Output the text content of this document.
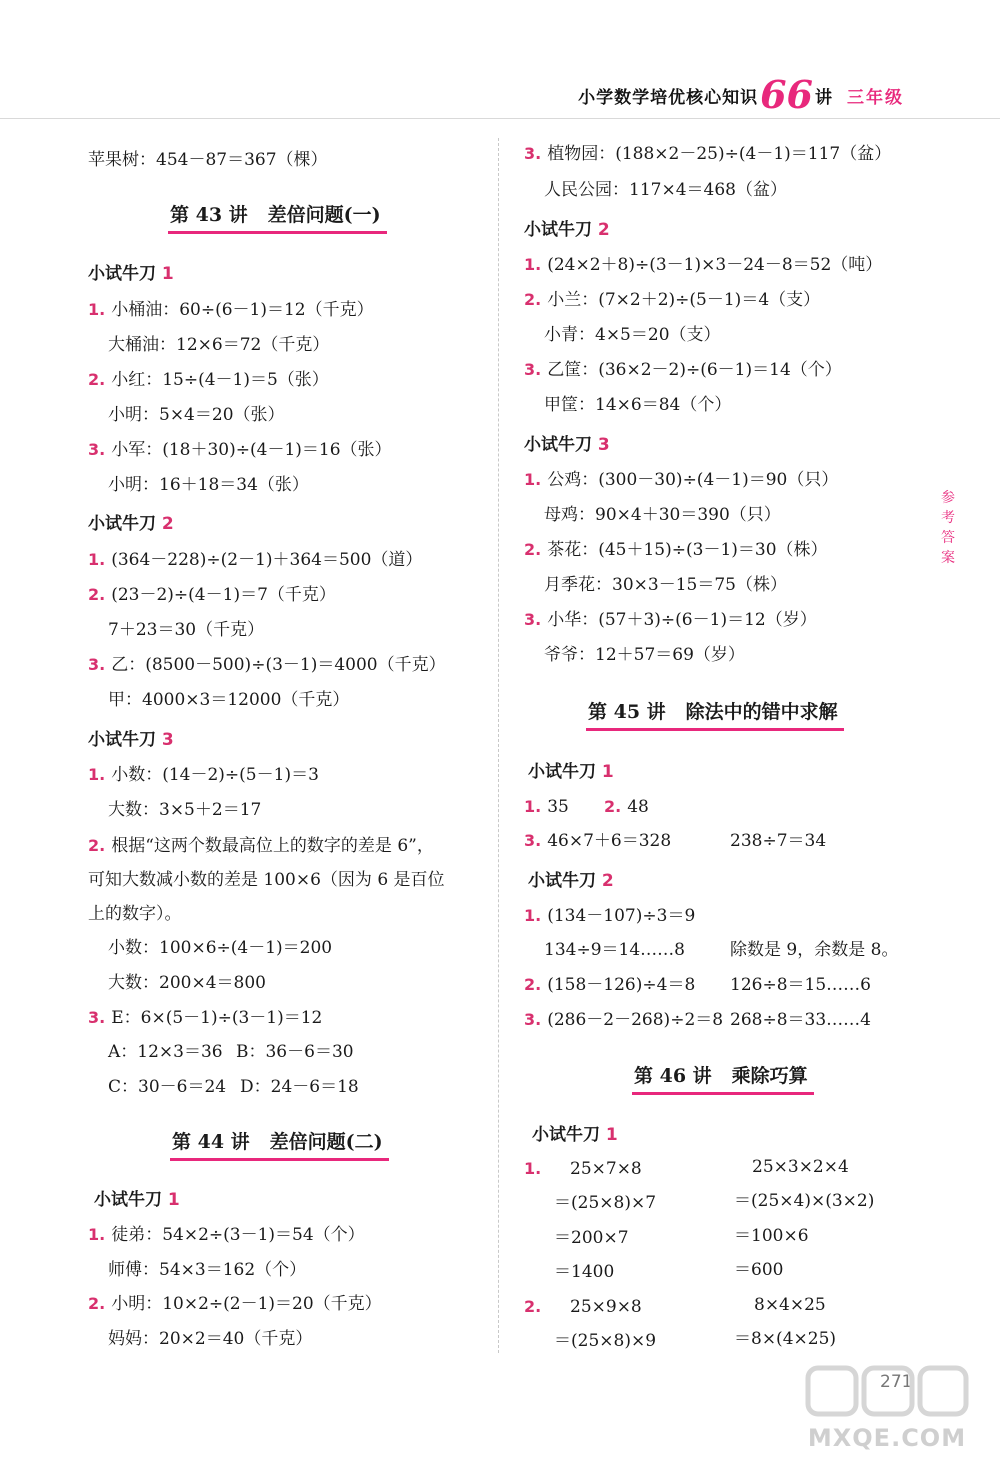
小学数学培优核心知识 66 讲 三年级
苹果树：454－87＝367（棵）
第 43 讲 差倍问题(一)
小试牛刀 1
1. 小桶油：60÷(6－1)＝12（千克）
大桶油：12×6＝72（千克）
2. 小红：15÷(4－1)＝5（张）
小明：5×4＝20（张）
3. 小军：(18＋30)÷(4－1)＝16（张）
小明：16＋18＝34（张）
小试牛刀 2
1. (364－228)÷(2－1)＋364＝500（道）
2. (23－2)÷(4－1)＝7（千克）
7＋23＝30（千克）
3. 乙：(8500－500)÷(3－1)＝4000（千克）
甲：4000×3＝12000（千克）
小试牛刀 3
1. 小数：(14－2)÷(5－1)＝3
大数：3×5＋2＝17
2. 根据“这两个数最高位上的数字的差是 6”，
可知大数减小数的差是 100×6（因为 6 是百位
上的数字）。
小数：100×6÷(4－1)＝200
大数：200×4＝800
3. E：6×(5－1)÷(3－1)＝12
A：12×3＝36 B：36－6＝30
C：30－6＝24 D：24－6＝18
第 44 讲 差倍问题(二)
小试牛刀 1
1. 徒弟：54×2÷(3－1)＝54（个）
师傅：54×3＝162（个）
2. 小明：10×2÷(2－1)＝20（千克）
妈妈：20×2＝40（千克）
3. 植物园：(188×2－25)÷(4－1)＝117（盆）
人民公园：117×4＝468（盆）
小试牛刀 2
1. (24×2＋8)÷(3－1)×3－24－8＝52（吨）
2. 小兰：(7×2＋2)÷(5－1)＝4（支）
小青：4×5＝20（支）
3. 乙筐：(36×2－2)÷(6－1)＝14（个）
甲筐：14×6＝84（个）
小试牛刀 3
1. 公鸡：(300－30)÷(4－1)＝90（只）
母鸡：90×4＋30＝390（只）
2. 茶花：(45＋15)÷(3－1)＝30（株）
月季花：30×3－15＝75（株）
3. 小华：(57＋3)÷(6－1)＝12（岁）
爷爷：12＋57＝69（岁）
第 45 讲 除法中的错中求解
小试牛刀 1
1. 35 2. 48
3. 46×7＋6＝328	238÷7＝34
小试牛刀 2
1. (134－107)÷3＝9
134÷9＝14……8	除数是 9，余数是 8。
2. (158－126)÷4＝8 126÷8＝15……6
3. (286－2－268)÷2＝8 268÷8＝33……4
第 46 讲 乘除巧算
小试牛刀 1
1.	25×7×8	25×3×2×4
＝(25×8)×7	＝(25×4)×(3×2)
＝200×7	＝100×6
＝1400	＝600
2.	25×9×8	8×4×25
＝(25×8)×9	＝8×(4×25)
参
考
答
案
271
MXQE.COM
